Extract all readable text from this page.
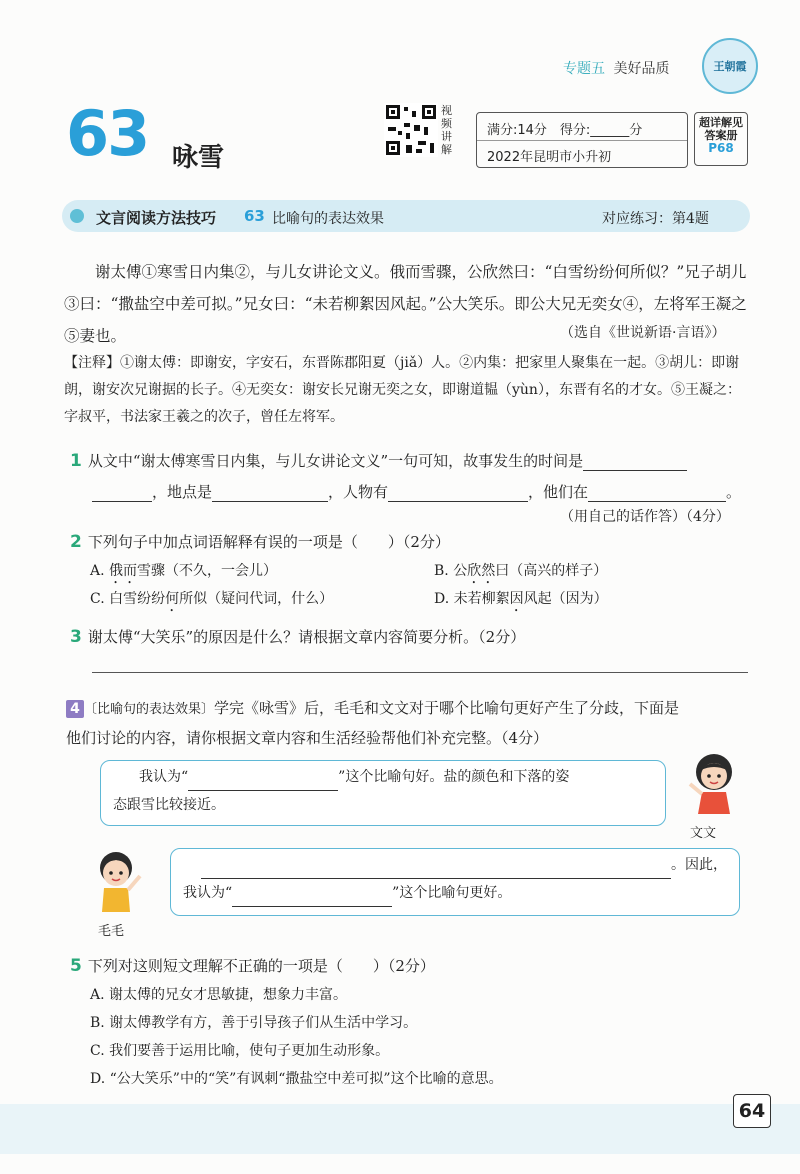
专题五 美好品质	王朝霞
63 咏雪
视频讲解
满分:14分　得分:______分
2022年昆明市小升初
超详解见
答案册
P68
文言阅读方法技巧 63 比喻句的表达效果	对应练习：第4题
谢太傅①寒雪日内集②，与儿女讲论文义。俄而雪骤，公欣然曰：“白雪纷纷何所似？”兄子胡儿③曰：“撒盐空中差可拟。”兄女曰：“未若柳絮因风起。”公大笑乐。即公大兄无奕女④，左将军王凝之⑤妻也。	（选自《世说新语·言语》）
【注释】①谢太傅：即谢安，字安石，东晋陈郡阳夏（jiǎ）人。②内集：把家里人聚集在一起。③胡儿：即谢朗，谢安次兄谢据的长子。④无奕女：谢安长兄谢无奕之女，即谢道韫（yùn），东晋有名的才女。⑤王凝之：字叔平，书法家王羲之的次子，曾任左将军。
1 从文中“谢太傅寒雪日内集，与儿女讲论文义”一句可知，故事发生的时间是
，地点是	，人物有	，他们在	。
（用自己的话作答）（4分）
2 下列句子中加点词语解释有误的一项是（　　）（2分）
A. 俄而雪骤（不久，一会儿）	B. 公欣然曰（高兴的样子）
C. 白雪纷纷何所似（疑问代词，什么）	D. 未若柳絮因风起（因为）
3 谢太傅“大笑乐”的原因是什么？请根据文章内容简要分析。（2分）
4 〔比喻句的表达效果〕学完《咏雪》后，毛毛和文文对于哪个比喻句更好产生了分歧，下面是
他们讨论的内容，请你根据文章内容和生活经验帮他们补充完整。（4分）
我认为“	”这个比喻句好。盐的颜色和下落的姿
态跟雪比较接近。
文文
。因此，
我认为“	”这个比喻句更好。
毛毛
5 下列对这则短文理解不正确的一项是（　　）（2分）
A. 谢太傅的兄女才思敏捷，想象力丰富。
B. 谢太傅教学有方，善于引导孩子们从生活中学习。
C. 我们要善于运用比喻，使句子更加生动形象。
D. “公大笑乐”中的“笑”有讽刺“撒盐空中差可拟”这个比喻的意思。
64
